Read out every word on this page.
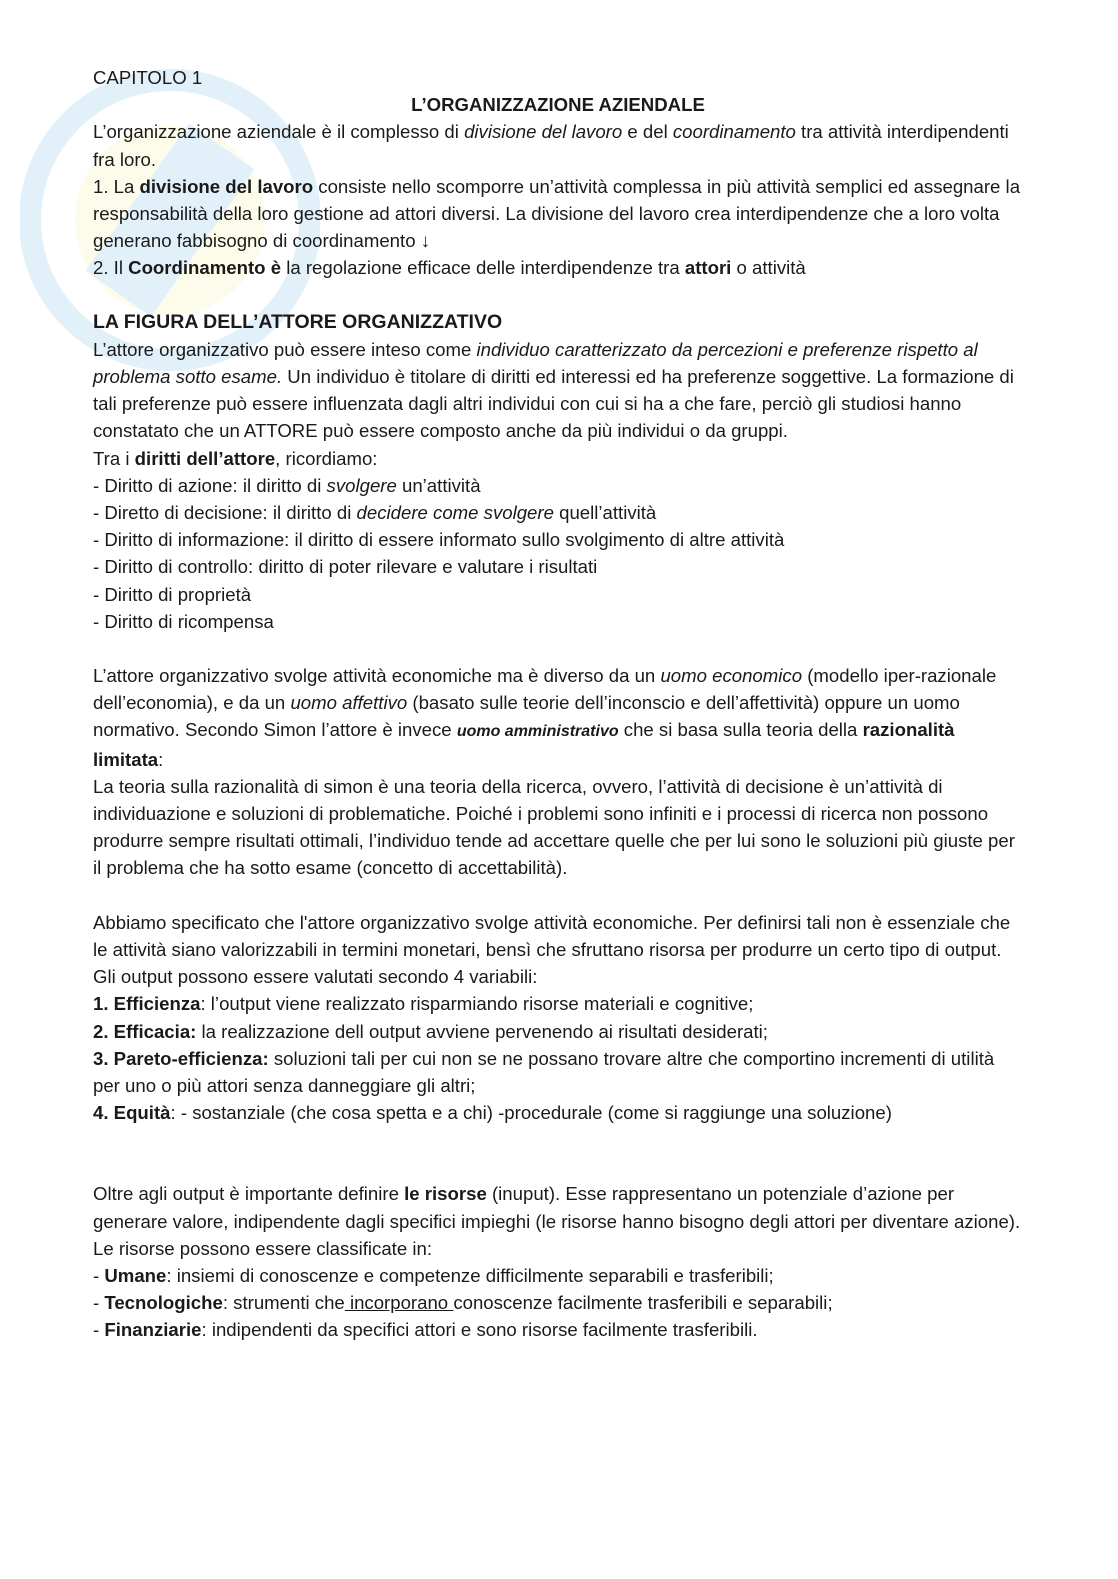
CAPITOLO 1

L’ORGANIZZAZIONE AZIENDALE

L’organizzazione aziendale è il complesso di divisione del lavoro e del coordinamento tra attività interdipendenti fra loro.

1. La divisione del lavoro consiste nello scomporre un’attività complessa in più attività semplici ed assegnare la responsabilità della loro gestione ad attori diversi. La divisione del lavoro crea interdipendenze che a loro volta generano fabbisogno di coordinamento ↓

2. Il Coordinamento è la regolazione efficace delle interdipendenze tra attori o attività

LA FIGURA DELL’ATTORE ORGANIZZATIVO

L’attore organizzativo può essere inteso come individuo caratterizzato da percezioni e preferenze rispetto al problema sotto esame. Un individuo è titolare di diritti ed interessi ed ha preferenze soggettive. La formazione di tali preferenze può essere influenzata dagli altri individui con cui si ha a che fare, perciò gli studiosi hanno constatato che un ATTORE può essere composto anche da più individui o da gruppi.

Tra i diritti dell’attore, ricordiamo:

- Diritto di azione: il diritto di svolgere un’attività

- Diretto di decisione: il diritto di decidere come svolgere quell’attività

- Diritto di informazione: il diritto di essere informato sullo svolgimento di altre attività

- Diritto di controllo: diritto di poter rilevare e valutare i risultati

- Diritto di proprietà

- Diritto di ricompensa

L’attore organizzativo svolge attività economiche ma è diverso da un uomo economico (modello iper-razionale dell’economia), e da un uomo affettivo (basato sulle teorie dell’inconscio e dell’affettività) oppure un uomo normativo. Secondo Simon l’attore è invece uomo amministrativo che si basa sulla teoria della razionalità limitata:

La teoria sulla razionalità di simon è una teoria della ricerca, ovvero, l’attività di decisione è un’attività di individuazione e soluzioni di problematiche. Poiché i problemi sono infiniti e i processi di ricerca non possono produrre sempre risultati ottimali, l’individuo tende ad accettare quelle che per lui sono le soluzioni più giuste per il problema che ha sotto esame (concetto di accettabilità).

Abbiamo specificato che l'attore organizzativo svolge attività economiche. Per definirsi tali non è essenziale che le attività siano valorizzabili in termini monetari, bensì che sfruttano risorsa per produrre un certo tipo di output. Gli output possono essere valutati secondo 4 variabili:

1. Efficienza: l’output viene realizzato risparmiando risorse materiali e cognitive;

2. Efficacia: la realizzazione dell output avviene pervenendo ai risultati desiderati;

3. Pareto-efficienza: soluzioni tali per cui non se ne possano trovare altre che comportino incrementi di utilità per uno o più attori senza danneggiare gli altri;

4. Equità: - sostanziale (che cosa spetta e a chi) -procedurale (come si raggiunge una soluzione)

Oltre agli output è importante definire le risorse (inuput). Esse rappresentano un potenziale d’azione per generare valore, indipendente dagli specifici impieghi (le risorse hanno bisogno degli attori per diventare azione). Le risorse possono essere classificate in:

- Umane: insiemi di conoscenze e competenze difficilmente separabili e trasferibili;

- Tecnologiche: strumenti che incorporano conoscenze facilmente trasferibili e separabili;

- Finanziarie: indipendenti da specifici attori e sono risorse facilmente trasferibili.
